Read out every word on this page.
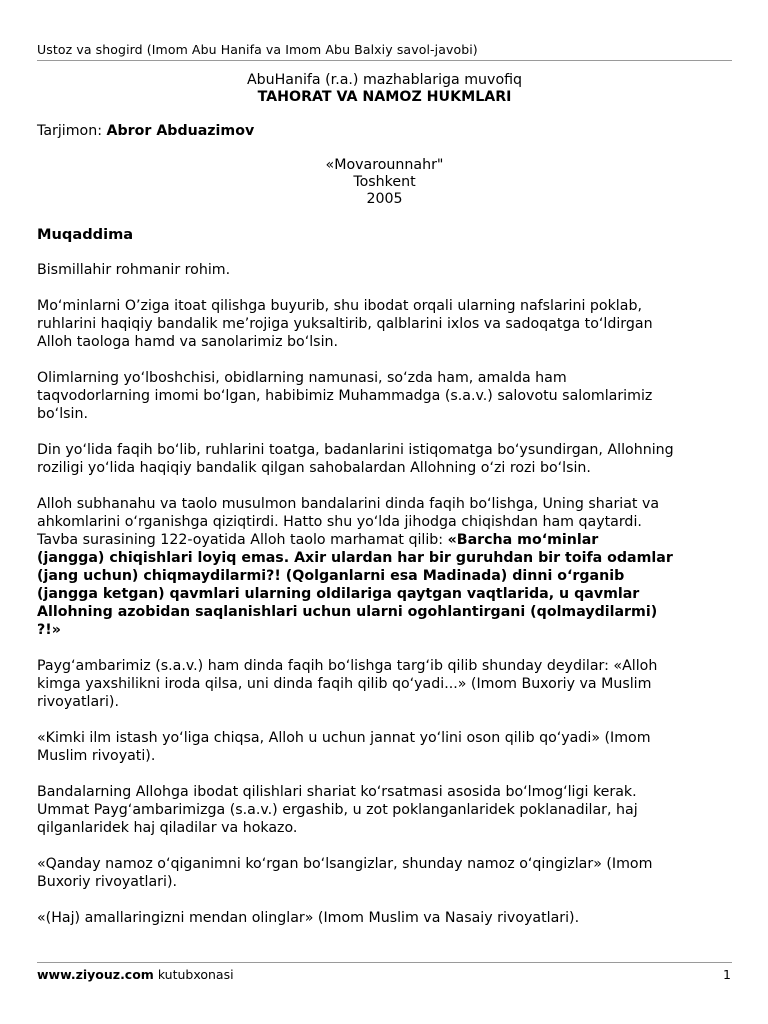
Ustoz va shogird (Imom Abu Hanifa va Imom Abu Balxiy savol-javobi)
AbuHanifa (r.a.) mazhablariga muvofiq
TAHORAT VA NAMOZ HUKMLARI
Tarjimon: Abror Abduazimov
«Movarounnahr"
Toshkent
2005
Muqaddima

Bismillahir rohmanir rohim.

Mo‘minlarni O’ziga itoat qilishga buyurib, shu ibodat orqali ularning nafslarini poklab,
ruhlarini haqiqiy bandalik me’rojiga yuksaltirib, qalblarini ixlos va sadoqatga to‘ldirgan
Alloh taologa hamd va sanolarimiz bo‘lsin.

Olimlarning yo‘lboshchisi, obidlarning namunasi, so‘zda ham, amalda ham
taqvodorlarning imomi bo‘lgan, habibimiz Muhammadga (s.a.v.) salovotu salomlarimiz
bo‘lsin.

Din yo‘lida faqih bo‘lib, ruhlarini toatga, badanlarini istiqomatga bo‘ysundirgan, Allohning
roziligi yo‘lida haqiqiy bandalik qilgan sahobalardan Allohning o‘zi rozi bo‘lsin.

Alloh subhanahu va taolo musulmon bandalarini dinda faqih bo‘lishga, Uning shariat va
ahkomlarini o‘rganishga qiziqtirdi. Hatto shu yo‘lda jihodga chiqishdan ham qaytardi.
Tavba surasining 122-oyatida Alloh taolo marhamat qilib: «Barcha mo‘minlar
(jangga) chiqishlari loyiq emas. Axir ulardan har bir guruhdan bir toifa odamlar
(jang uchun) chiqmaydilarmi?! (Qolganlarni esa Madinada) dinni o‘rganib
(jangga ketgan) qavmlari ularning oldilariga qaytgan vaqtlarida, u qavmlar
Allohning azobidan saqlanishlari uchun ularni ogohlantirgani (qolmaydilarmi)
?!»

Payg‘ambarimiz (s.a.v.) ham dinda faqih bo‘lishga targ‘ib qilib shunday deydilar: «Alloh
kimga yaxshilikni iroda qilsa, uni dinda faqih qilib qo‘yadi...» (Imom Buxoriy va Muslim
rivoyatlari).

«Kimki ilm istash yo‘liga chiqsa, Alloh u uchun jannat yo‘lini oson qilib qo‘yadi» (Imom
Muslim rivoyati).

Bandalarning Allohga ibodat qilishlari shariat ko‘rsatmasi asosida bo‘lmog‘ligi kerak.
Ummat Payg‘ambarimizga (s.a.v.) ergashib, u zot poklanganlaridek poklanadilar, haj
qilganlaridek haj qiladilar va hokazo.

«Qanday namoz o‘qiganimni ko‘rgan bo‘lsangizlar, shunday namoz o‘qingizlar» (Imom
Buxoriy rivoyatlari).

«(Haj) amallaringizni mendan olinglar» (Imom Muslim va Nasaiy rivoyatlari).

www.ziyouz.com kutubxonasi	1
